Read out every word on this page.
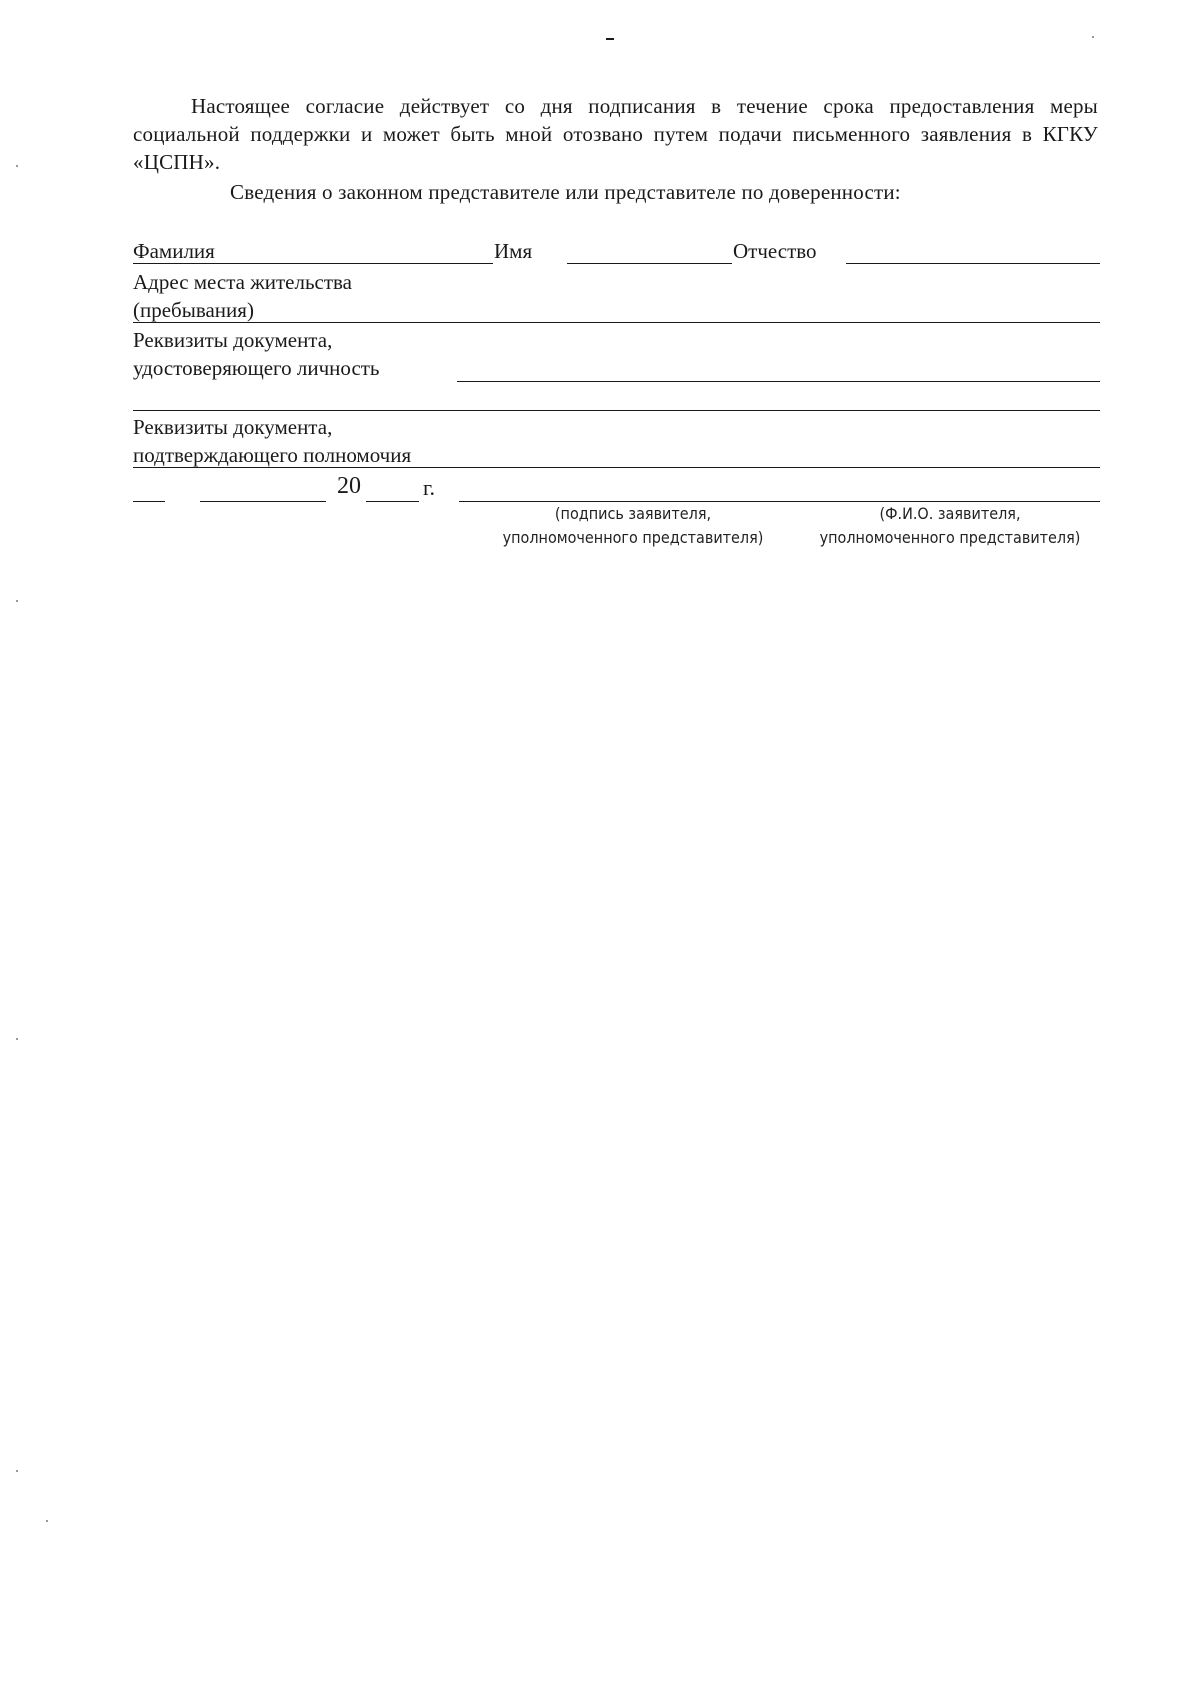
Настоящее согласие действует со дня подписания в течение срока предоставления меры социальной поддержки и может быть мной отозвано путем подачи письменного заявления в КГКУ «ЦСПН».
Сведения о законном представителе или представителе по доверенности:
Фамилия	Имя	Отчество
Адрес места жительства
(пребывания)
Реквизиты документа,
удостоверяющего личность
Реквизиты документа,
подтверждающего полномочия
20	г.
(подпись заявителя,
уполномоченного представителя)
(Ф.И.О. заявителя,
уполномоченного представителя)
